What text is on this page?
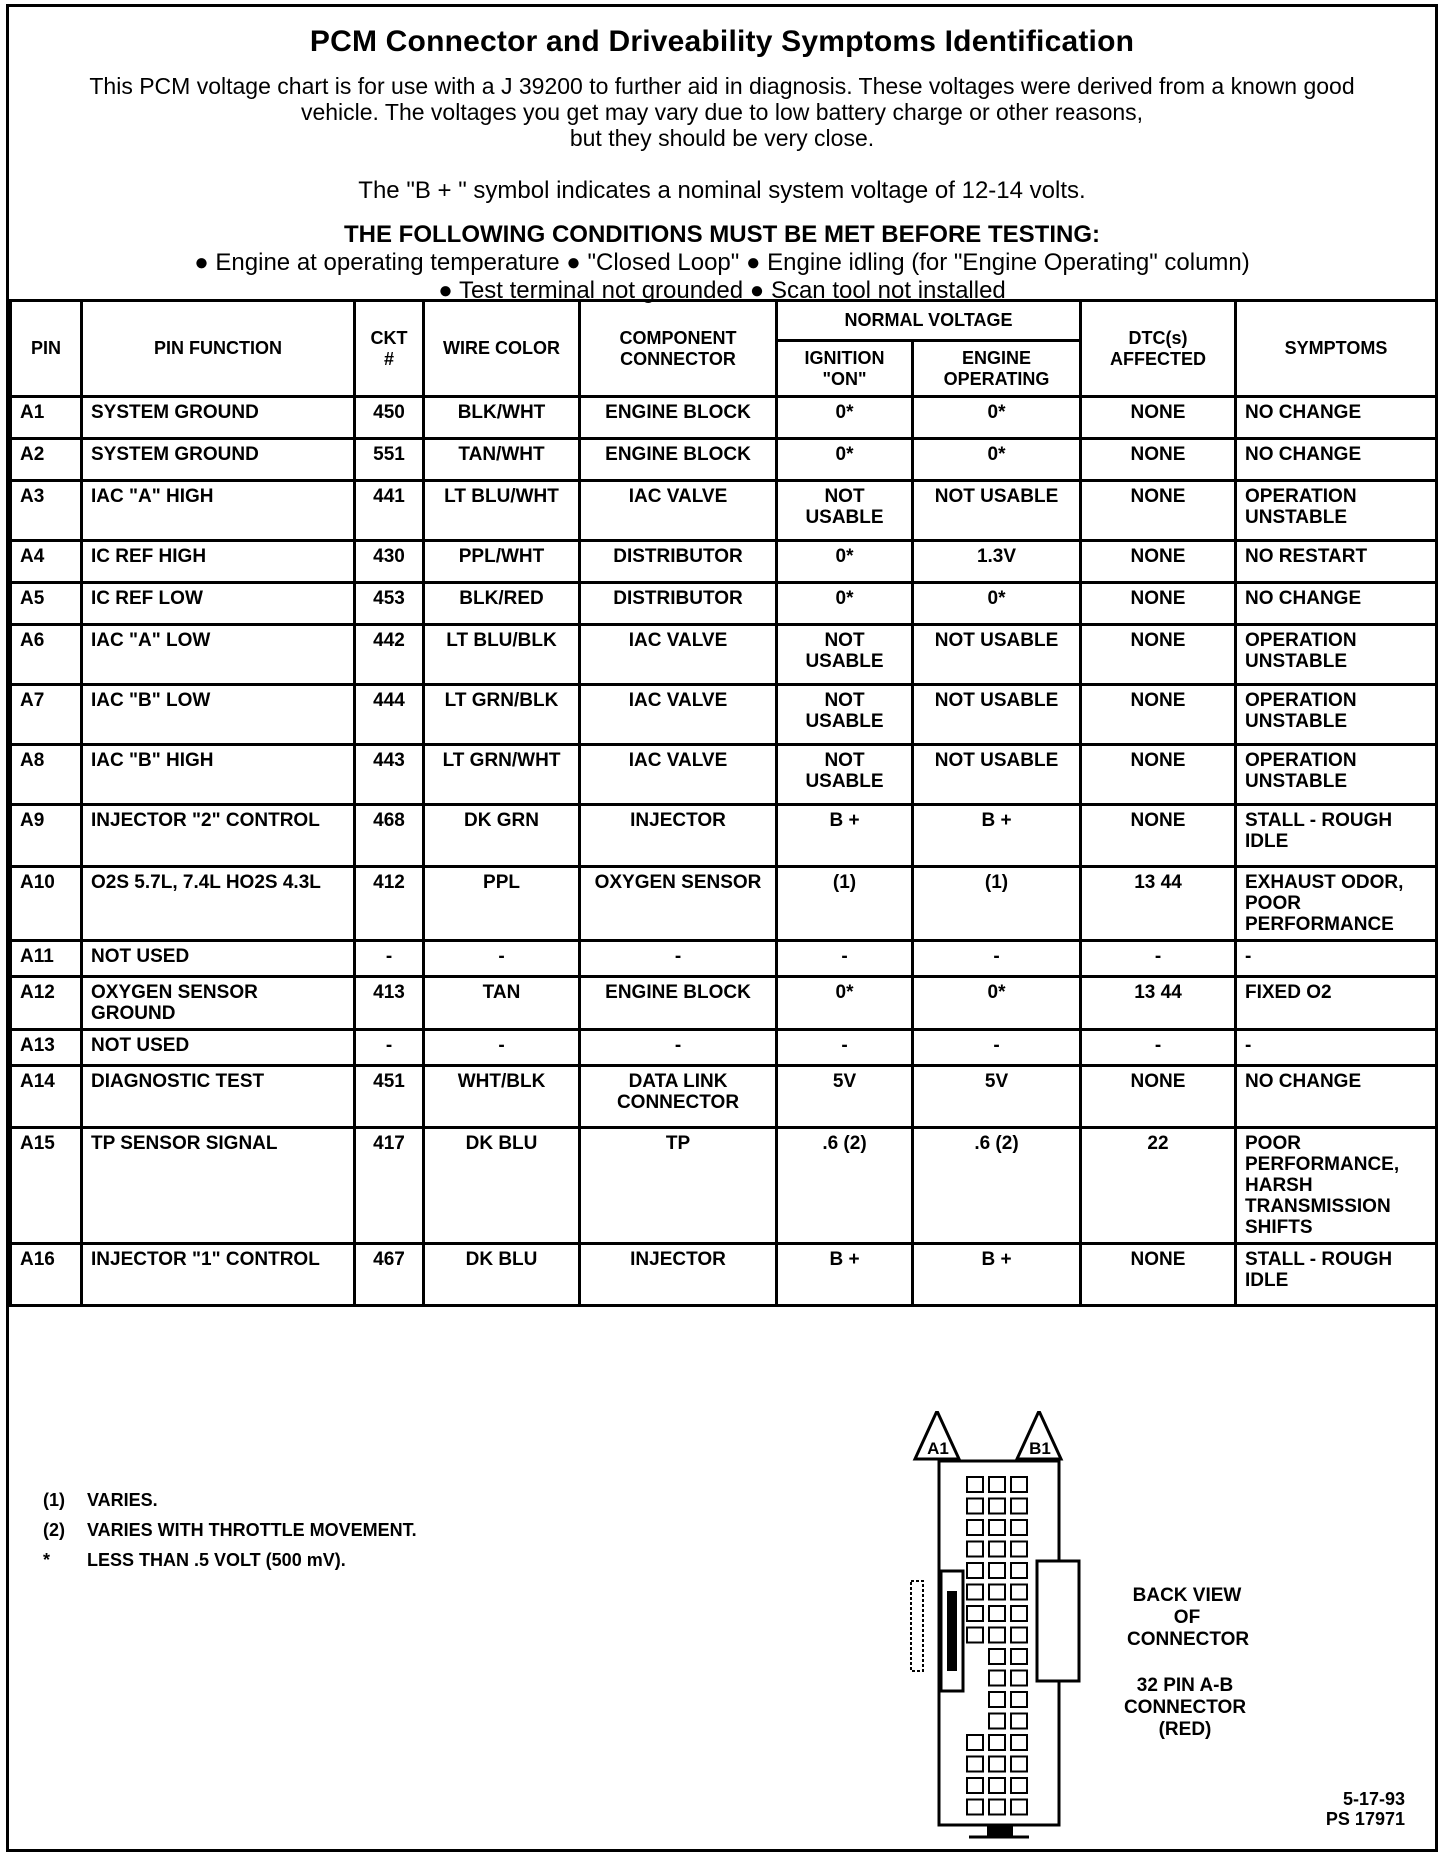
PCM Connector and Driveability Symptoms Identification
This PCM voltage chart is for use with a J 39200 to further aid in diagnosis. These voltages were derived from a known good vehicle. The voltages you get may vary due to low battery charge or other reasons,
but they should be very close.
The "B + " symbol indicates a nominal system voltage of 12-14 volts.
THE FOLLOWING CONDITIONS MUST BE MET BEFORE TESTING:
● Engine at operating temperature ● "Closed Loop" ● Engine idling (for "Engine Operating" column)
● Test terminal not grounded ● Scan tool not installed
PIN	PIN FUNCTION	CKT #	WIRE COLOR	COMPONENT CONNECTOR	NORMAL VOLTAGE		DTC(s) AFFECTED	SYMPTOMS
					IGNITION "ON"	ENGINE OPERATING		
A1	SYSTEM GROUND	450	BLK/WHT	ENGINE BLOCK	0*	0*	NONE	NO CHANGE
A2	SYSTEM GROUND	551	TAN/WHT	ENGINE BLOCK	0*	0*	NONE	NO CHANGE
A3	IAC "A" HIGH	441	LT BLU/WHT	IAC VALVE	NOT USABLE	NOT USABLE	NONE	OPERATION UNSTABLE
A4	IC REF HIGH	430	PPL/WHT	DISTRIBUTOR	0*	1.3V	NONE	NO RESTART
A5	IC REF LOW	453	BLK/RED	DISTRIBUTOR	0*	0*	NONE	NO CHANGE
A6	IAC "A" LOW	442	LT BLU/BLK	IAC VALVE	NOT USABLE	NOT USABLE	NONE	OPERATION UNSTABLE
A7	IAC "B" LOW	444	LT GRN/BLK	IAC VALVE	NOT USABLE	NOT USABLE	NONE	OPERATION UNSTABLE
A8	IAC "B" HIGH	443	LT GRN/WHT	IAC VALVE	NOT USABLE	NOT USABLE	NONE	OPERATION UNSTABLE
A9	INJECTOR "2" CONTROL	468	DK GRN	INJECTOR	B +	B +	NONE	STALL - ROUGH IDLE
A10	O2S 5.7L, 7.4L HO2S 4.3L	412	PPL	OXYGEN SENSOR	(1)	(1)	13 44	EXHAUST ODOR, POOR PERFORMANCE
A11	NOT USED	-	-	-	-	-	-	-
A12	OXYGEN SENSOR GROUND	413	TAN	ENGINE BLOCK	0*	0*	13 44	FIXED O2
A13	NOT USED	-	-	-	-	-	-	-
A14	DIAGNOSTIC TEST	451	WHT/BLK	DATA LINK CONNECTOR	5V	5V	NONE	NO CHANGE
A15	TP SENSOR SIGNAL	417	DK BLU	TP	.6 (2)	.6 (2)	22	POOR PERFORMANCE, HARSH TRANSMISSION SHIFTS
A16	INJECTOR "1" CONTROL	467	DK BLU	INJECTOR	B +	B +	NONE	STALL - ROUGH IDLE
(1) VARIES.
(2) VARIES WITH THROTTLE MOVEMENT.
* LESS THAN .5 VOLT (500 mV).
A1	B1
BACK VIEW OF CONNECTOR
32 PIN A-B CONNECTOR (RED)
5-17-93
PS 17971
